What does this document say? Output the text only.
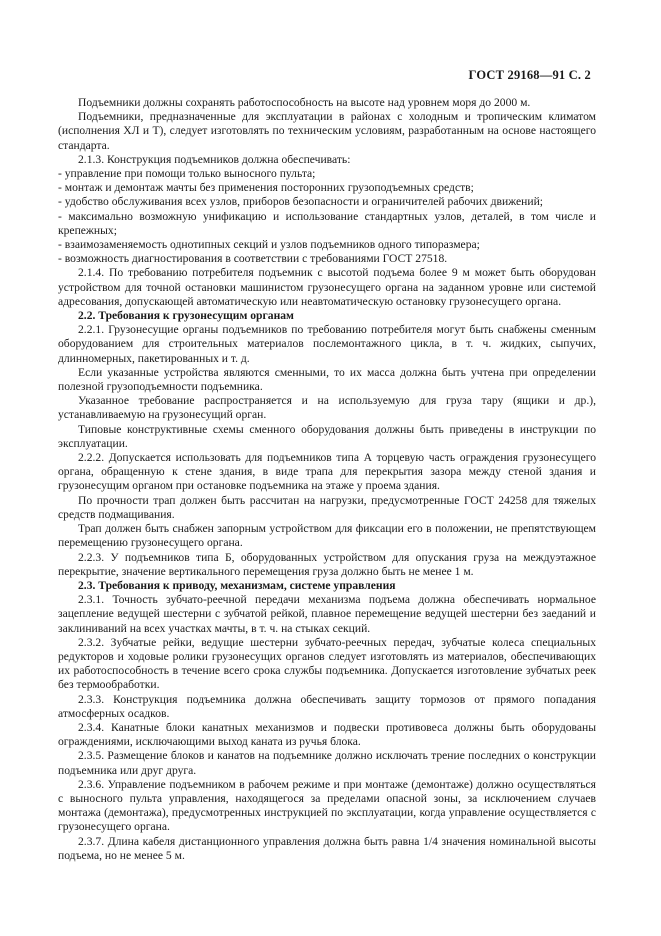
ГОСТ 29168—91 С. 2

Подъемники должны сохранять работоспособность на высоте над уровнем моря до 2000 м.

Подъемники, предназначенные для эксплуатации в районах с холодным и тропическим климатом (исполнения ХЛ и Т), следует изготовлять по техническим условиям, разработанным на основе настоящего стандарта.

2.1.3. Конструкция подъемников должна обеспечивать:

- управление при помощи только выносного пульта;

- монтаж и демонтаж мачты без применения посторонних грузоподъемных средств;

- удобство обслуживания всех узлов, приборов безопасности и ограничителей рабочих движений;

- максимально возможную унификацию и использование стандартных узлов, деталей, в том числе и крепежных;

- взаимозаменяемость однотипных секций и узлов подъемников одного типоразмера;

- возможность диагностирования в соответствии с требованиями ГОСТ 27518.

2.1.4. По требованию потребителя подъемник с высотой подъема более 9 м может быть оборудован устройством для точной остановки машинистом грузонесущего органа на заданном уровне или системой адресования, допускающей автоматическую или неавтоматическую остановку грузонесущего органа.

2.2. Требования к грузонесущим органам

2.2.1. Грузонесущие органы подъемников по требованию потребителя могут быть снабжены сменным оборудованием для строительных материалов послемонтажного цикла, в т. ч. жидких, сыпучих, длинномерных, пакетированных и т. д.

Если указанные устройства являются сменными, то их масса должна быть учтена при определении полезной грузоподъемности подъемника.

Указанное требование распространяется и на используемую для груза тару (ящики и др.), устанавливаемую на грузонесущий орган.

Типовые конструктивные схемы сменного оборудования должны быть приведены в инструкции по эксплуатации.

2.2.2. Допускается использовать для подъемников типа А торцевую часть ограждения грузонесущего органа, обращенную к стене здания, в виде трапа для перекрытия зазора между стеной здания и грузонесущим органом при остановке подъемника на этаже у проема здания.

По прочности трап должен быть рассчитан на нагрузки, предусмотренные ГОСТ 24258 для тяжелых средств подмащивания.

Трап должен быть снабжен запорным устройством для фиксации его в положении, не препятствующем перемещению грузонесущего органа.

2.2.3. У подъемников типа Б, оборудованных устройством для опускания груза на междуэтажное перекрытие, значение вертикального перемещения груза должно быть не менее 1 м.

2.3. Требования к приводу, механизмам, системе управления

2.3.1. Точность зубчато-реечной передачи механизма подъема должна обеспечивать нормальное зацепление ведущей шестерни с зубчатой рейкой, плавное перемещение ведущей шестерни без заеданий и заклиниваний на всех участках мачты, в т. ч. на стыках секций.

2.3.2. Зубчатые рейки, ведущие шестерни зубчато-реечных передач, зубчатые колеса специальных редукторов и ходовые ролики грузонесущих органов следует изготовлять из материалов, обеспечивающих их работоспособность в течение всего срока службы подъемника. Допускается изготовление зубчатых реек без термообработки.

2.3.3. Конструкция подъемника должна обеспечивать защиту тормозов от прямого попадания атмосферных осадков.

2.3.4. Канатные блоки канатных механизмов и подвески противовеса должны быть оборудованы ограждениями, исключающими выход каната из ручья блока.

2.3.5. Размещение блоков и канатов на подъемнике должно исключать трение последних о конструкции подъемника или друг друга.

2.3.6. Управление подъемником в рабочем режиме и при монтаже (демонтаже) должно осуществляться с выносного пульта управления, находящегося за пределами опасной зоны, за исключением случаев монтажа (демонтажа), предусмотренных инструкцией по эксплуатации, когда управление осуществляется с грузонесущего органа.

2.3.7. Длина кабеля дистанционного управления должна быть равна 1/4 значения номинальной высоты подъема, но не менее 5 м.
